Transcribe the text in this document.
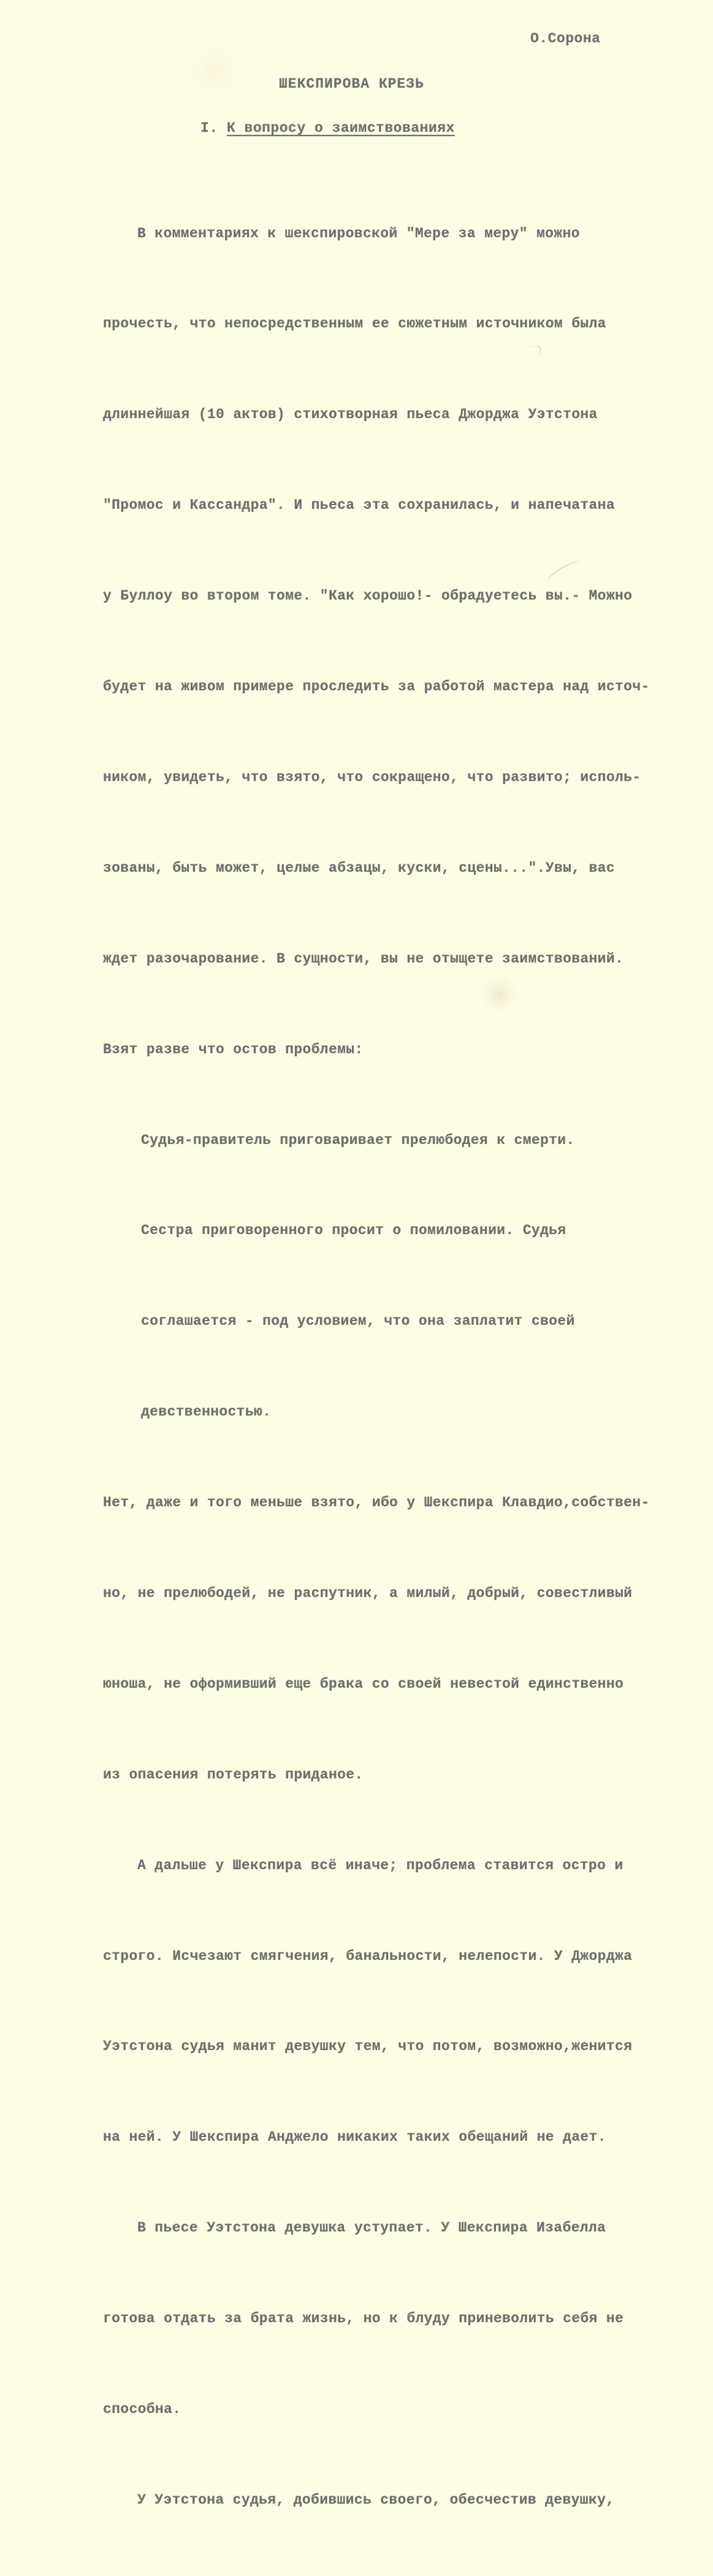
О.Сорона
ШЕКСПИРОВА КРЕЗЬ
I. К вопросу о заимствованиях

В комментариях к шекспировской "Мере за меру" можно

прочесть, что непосредственным ее сюжетным источником была

длиннейшая (10 актов) стихотворная пьеса Джорджа Уэтстона

"Промос и Кассандра". И пьеса эта сохранилась, и напечатана

у Буллоу во втором томе. "Как хорошо!- обрадуетесь вы.- Можно

будет на живом примере проследить за работой мастера над источ-

ником, увидеть, что взято, что сокращено, что развито; исполь-

зованы, быть может, целые абзацы, куски, сцены...".Увы, вас

ждет разочарование. В сущности, вы не отыщете заимствований.

Взят разве что остов проблемы:

Судья-правитель приговаривает прелюбодея к смерти.

Сестра приговоренного просит о помиловании. Судья

соглашается - под условием, что она заплатит своей

девственностью.

Нет, даже и того меньше взято, ибо у Шекспира Клавдио,собствен-

но, не прелюбодей, не распутник, а милый, добрый, совестливый

юноша, не оформивший еще брака со своей невестой единственно

из опасения потерять приданое.

А дальше у Шекспира всё иначе; проблема ставится остро и

строго. Исчезают смягчения, банальности, нелепости. У Джорджа

Уэтстона судья манит девушку тем, что потом, возможно,женится

на ней. У Шекспира Анджело никаких таких обещаний не дает.

В пьесе Уэтстона девушка уступает. У Шекспира Изабелла

готова отдать за брата жизнь, но к блуду приневолить себя не

способна.

У Уэтстона судья, добившись своего, обесчестив девушку,
